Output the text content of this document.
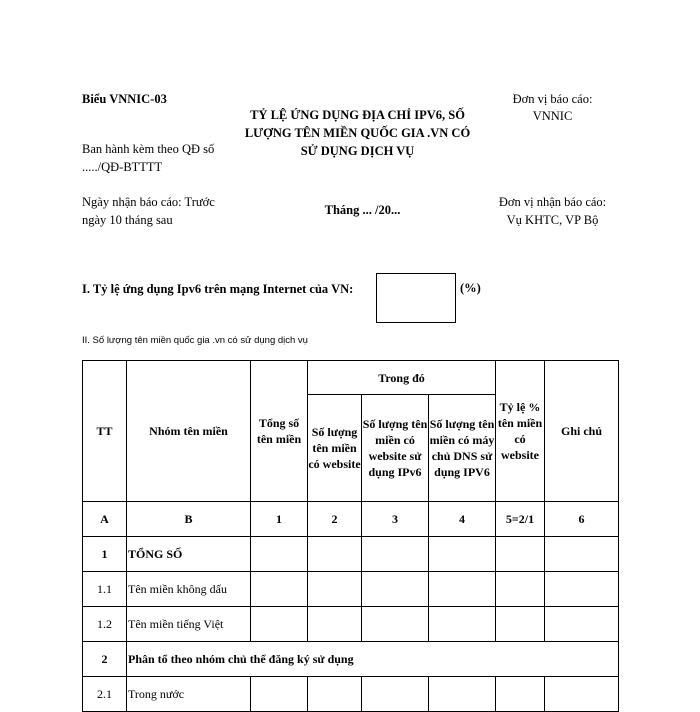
Biểu VNNIC-03
Ban hành kèm theo QĐ số ...../QĐ-BTTTT
Ngày nhận báo cáo: Trước ngày 10 tháng sau
TỶ LỆ ỨNG DỤNG ĐỊA CHỈ IPV6, SỐ LƯỢNG TÊN MIỀN QUỐC GIA .VN CÓ SỬ DỤNG DỊCH VỤ
Tháng ... /20...
Đơn vị báo cáo:
VNNIC
Đơn vị nhận báo cáo:
Vụ KHTC, VP Bộ
I. Tỷ lệ ứng dụng Ipv6 trên mạng Internet của VN:	(%)
II. Số lượng tên miền quốc gia .vn có sử dụng dịch vụ
TT	Nhóm tên miền	Tổng số tên miền	Trong đó			Tỷ lệ % tên miền có website	Ghi chú
			Số lượng tên miền có website	Số lượng tên miền có website sử dụng IPv6	Số lượng tên miền có máy chủ DNS sử dụng IPV6		
A	B	1	2	3	4	5=2/1	6
1	TỔNG SỐ						
1.1	Tên miền không dấu						
1.2	Tên miền tiếng Việt						
2	Phân tổ theo nhóm chủ thể đăng ký sử dụng						
2.1	Trong nước						
